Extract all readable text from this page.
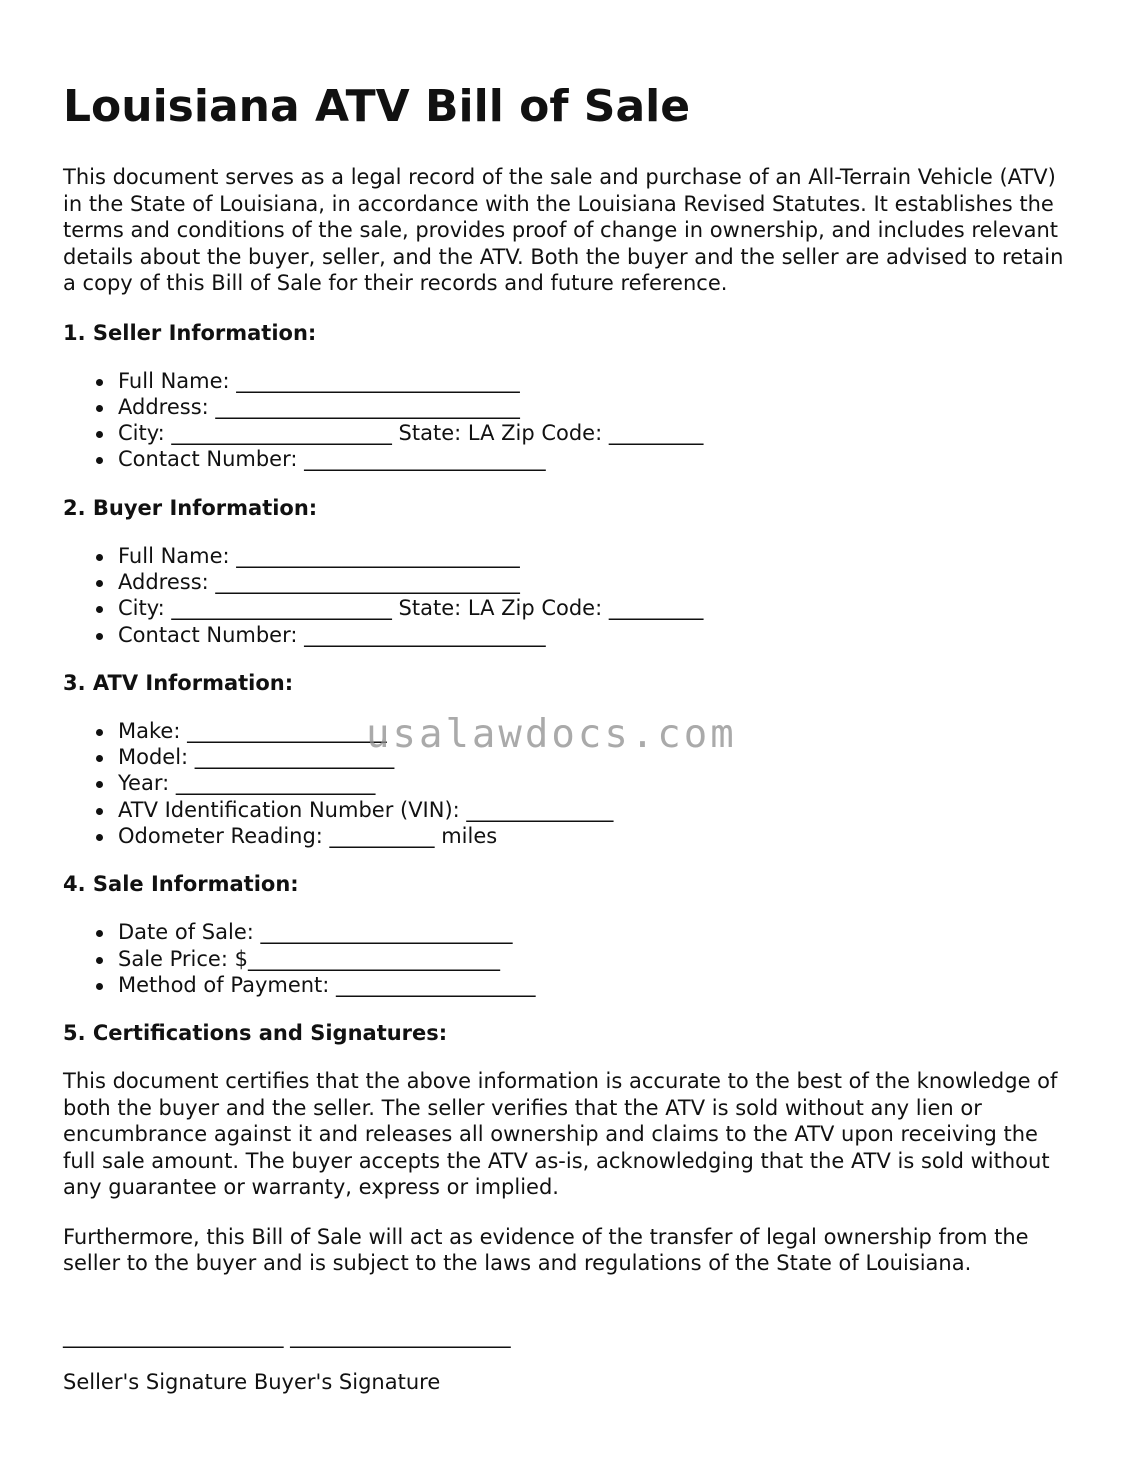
Louisiana ATV Bill of Sale

This document serves as a legal record of the sale and purchase of an All-Terrain Vehicle (ATV) in the State of Louisiana, in accordance with the Louisiana Revised Statutes. It establishes the terms and conditions of the sale, provides proof of change in ownership, and includes relevant details about the buyer, seller, and the ATV. Both the buyer and the seller are advised to retain a copy of this Bill of Sale for their records and future reference.

1. Seller Information:
Full Name: ___________________________
Address: _____________________________
City: _____________________ State: LA Zip Code: _________
Contact Number: _______________________
2. Buyer Information:
Full Name: ___________________________
Address: _____________________________
City: _____________________ State: LA Zip Code: _________
Contact Number: _______________________
3. ATV Information:
Make: ___________________
Model: ___________________
Year: ___________________
ATV Identification Number (VIN): ______________
Odometer Reading: __________ miles
4. Sale Information:
Date of Sale: ________________________
Sale Price: $________________________
Method of Payment: ___________________
5. Certifications and Signatures:

This document certifies that the above information is accurate to the best of the knowledge of both the buyer and the seller. The seller verifies that the ATV is sold without any lien or encumbrance against it and releases all ownership and claims to the ATV upon receiving the full sale amount. The buyer accepts the ATV as-is, acknowledging that the ATV is sold without any guarantee or warranty, express or implied.

Furthermore, this Bill of Sale will act as evidence of the transfer of legal ownership from the seller to the buyer and is subject to the laws and regulations of the State of Louisiana.

_____________________ _____________________
Seller's Signature Buyer's Signature
usalawdocs.com
